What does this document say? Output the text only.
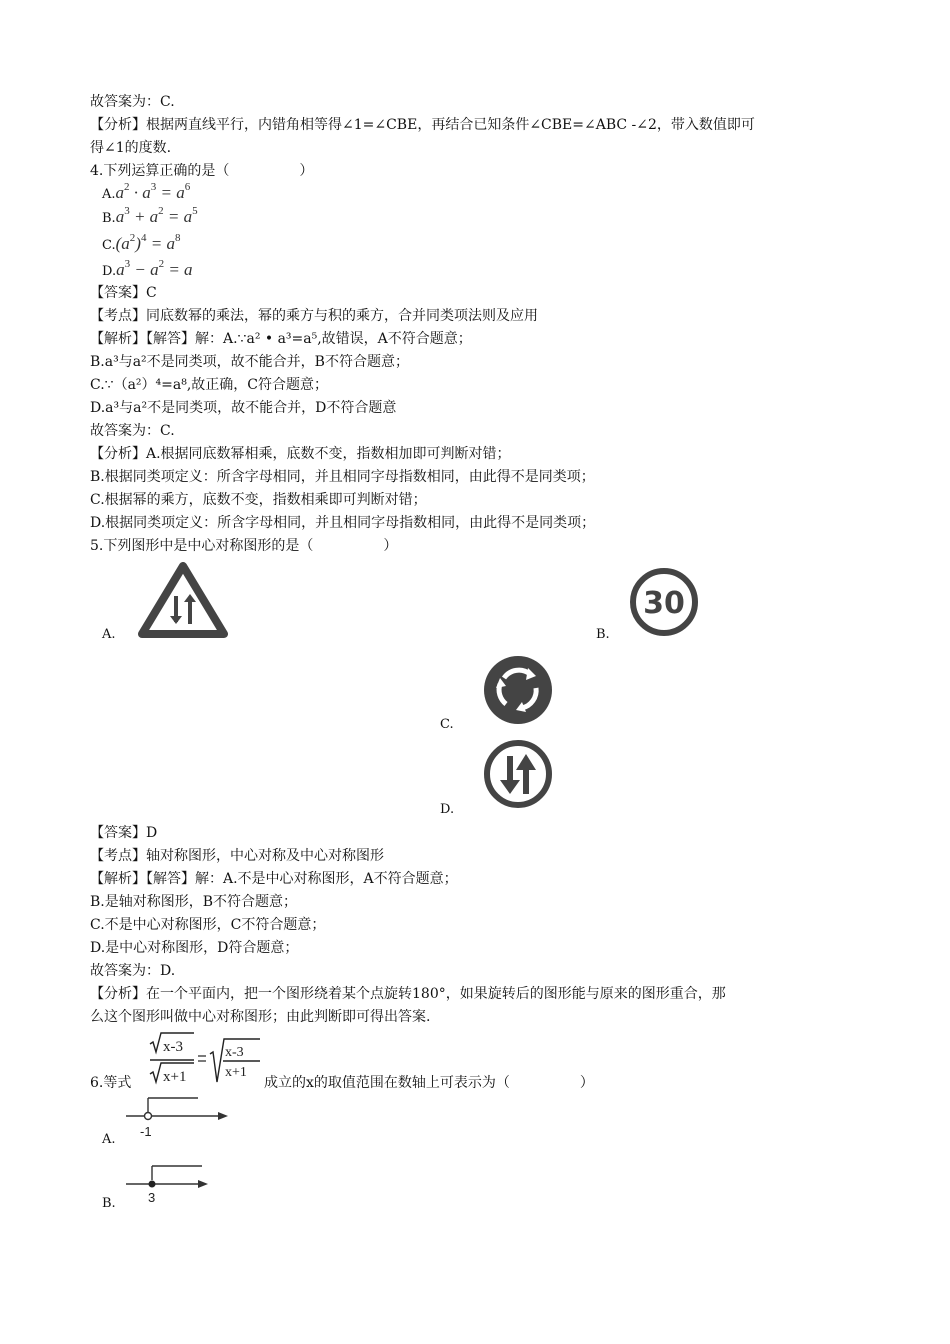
故答案为：C.
【分析】根据两直线平行，内错角相等得∠1=∠CBE，再结合已知条件∠CBE=∠ABC -∠2，带入数值即可
得∠1的度数.
4.下列运算正确的是（　　　　　）
$A.a^2 \cdot a^3 = a^6$
$B.a^3 + a^2 = a^5$
$C.(a^2)^4 = a^8$
$D.a^3 - a^2 = a$
【答案】C
【考点】同底数幂的乘法，幂的乘方与积的乘方，合并同类项法则及应用
【解析】【解答】解：A.∵a² • a³=a⁵,故错误，A不符合题意；
B.a³与a²不是同类项，故不能合并，B不符合题意；
C.∵（a²）⁴=a⁸,故正确，C符合题意；
D.a³与a²不是同类项，故不能合并，D不符合题意
故答案为：C.
【分析】A.根据同底数幂相乘，底数不变，指数相加即可判断对错；
B.根据同类项定义：所含字母相同，并且相同字母指数相同，由此得不是同类项；
C.根据幂的乘方，底数不变，指数相乘即可判断对错；
D.根据同类项定义：所含字母相同，并且相同字母指数相同，由此得不是同类项；
5.下列图形中是中心对称图形的是（　　　　　）
A.	B.
30
C.
D.
【答案】D
【考点】轴对称图形，中心对称及中心对称图形
【解析】【解答】解：A.不是中心对称图形，A不符合题意；
B.是轴对称图形，B不符合题意；
C.不是中心对称图形，C不符合题意；
D.是中心对称图形，D符合题意；
故答案为：D.
【分析】在一个平面内，把一个图形绕着某个点旋转180°，如果旋转后的图形能与原来的图形重合，那
么这个图形叫做中心对称图形；由此判断即可得出答案.
6.等式
x-3
x+1
x-3
x+1
成立的x的取值范围在数轴上可表示为（　　　　　）
A.
-1
B. 3
